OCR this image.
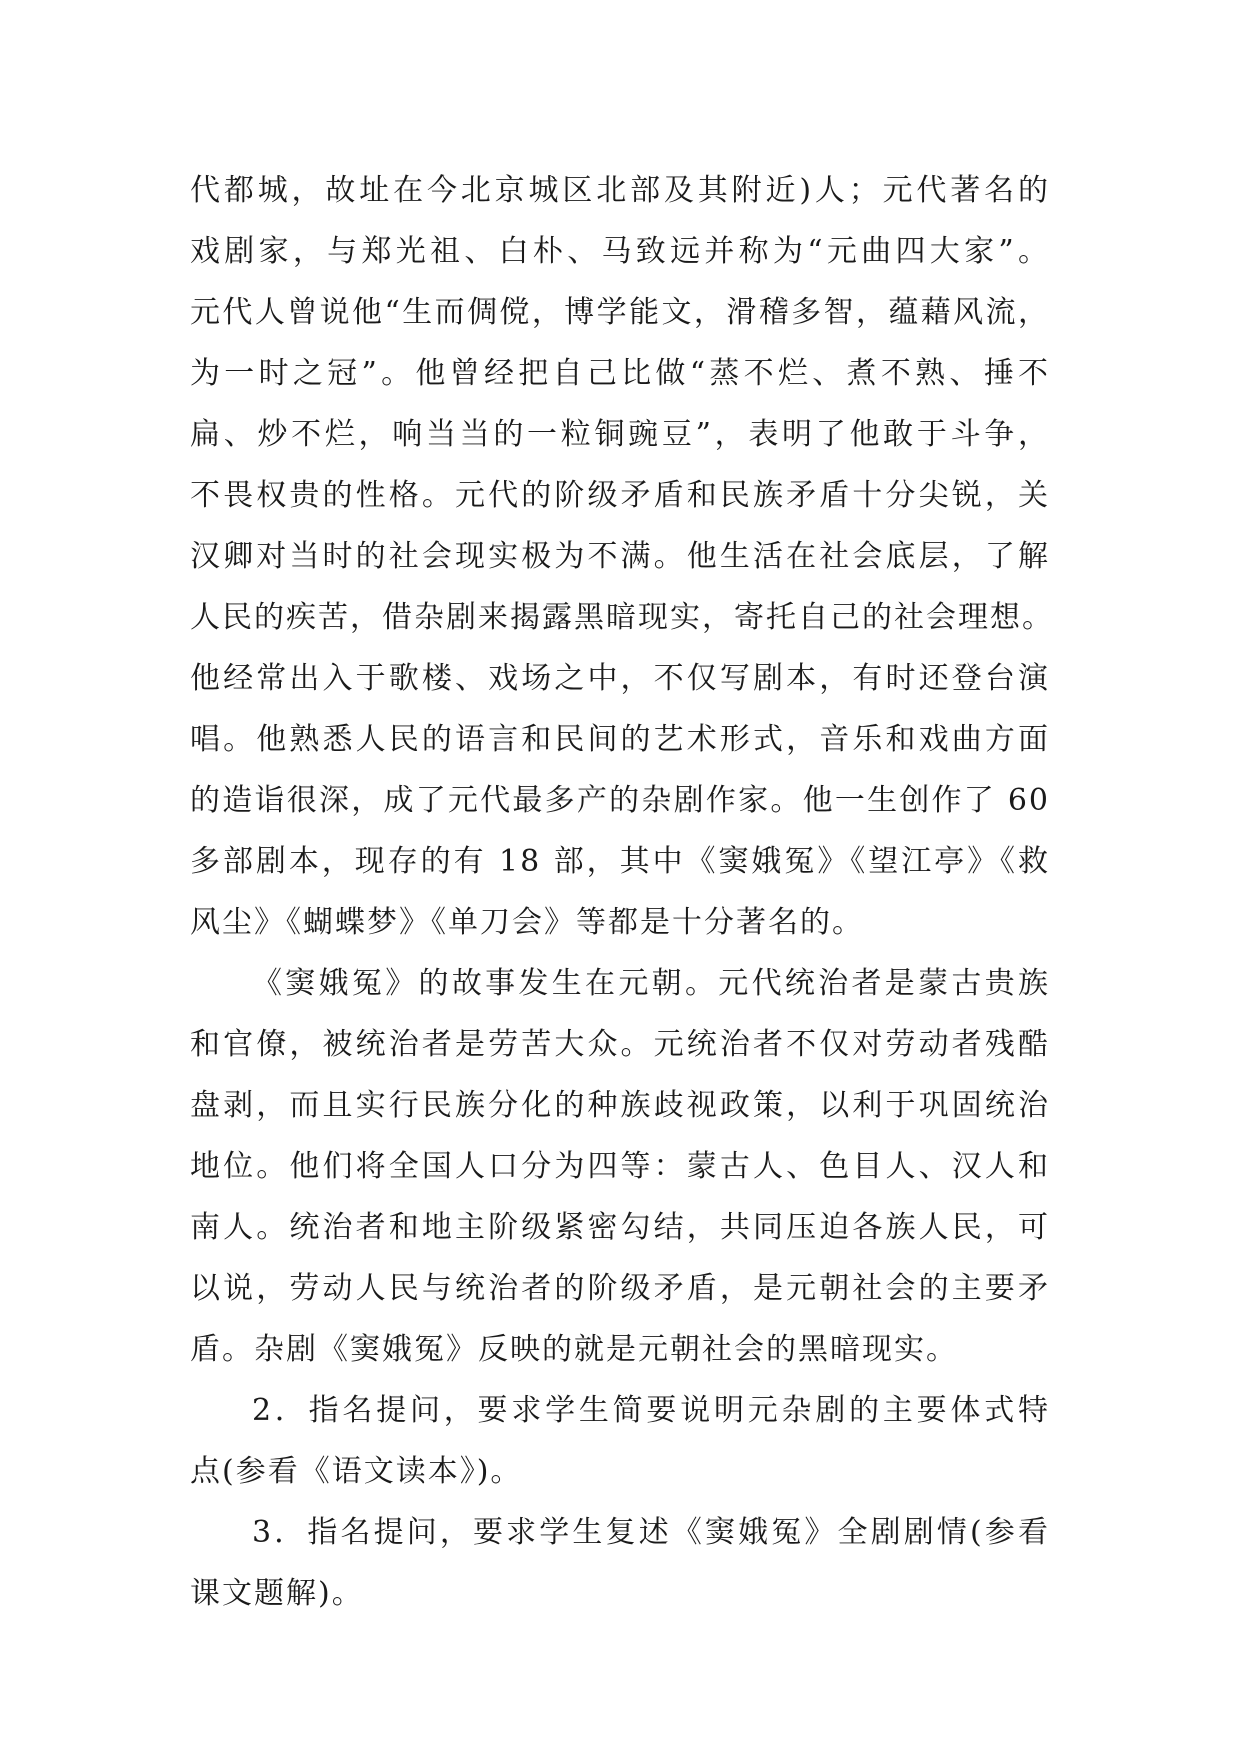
代都城，故址在今北京城区北部及其附近)人；元代著名的
戏剧家，与郑光祖、白朴、马致远并称为“元曲四大家”。
元代人曾说他“生而倜傥，博学能文，滑稽多智，蕴藉风流，
为一时之冠”。他曾经把自己比做“蒸不烂、煮不熟、捶不
扁、炒不烂，响当当的一粒铜豌豆”，表明了他敢于斗争，
不畏权贵的性格。元代的阶级矛盾和民族矛盾十分尖锐，关
汉卿对当时的社会现实极为不满。他生活在社会底层，了解
人民的疾苦，借杂剧来揭露黑暗现实，寄托自己的社会理想。
他经常出入于歌楼、戏场之中，不仅写剧本，有时还登台演
唱。他熟悉人民的语言和民间的艺术形式，音乐和戏曲方面
的造诣很深，成了元代最多产的杂剧作家。他一生创作了 60
多部剧本，现存的有 18 部，其中《窦娥冤》《望江亭》《救
风尘》《蝴蝶梦》《单刀会》等都是十分著名的。
《窦娥冤》的故事发生在元朝。元代统治者是蒙古贵族
和官僚，被统治者是劳苦大众。元统治者不仅对劳动者残酷
盘剥，而且实行民族分化的种族歧视政策，以利于巩固统治
地位。他们将全国人口分为四等：蒙古人、色目人、汉人和
南人。统治者和地主阶级紧密勾结，共同压迫各族人民，可
以说，劳动人民与统治者的阶级矛盾，是元朝社会的主要矛
盾。杂剧《窦娥冤》反映的就是元朝社会的黑暗现实。
2．指名提问，要求学生简要说明元杂剧的主要体式特
点(参看《语文读本》)。
3．指名提问，要求学生复述《窦娥冤》全剧剧情(参看
课文题解)。
